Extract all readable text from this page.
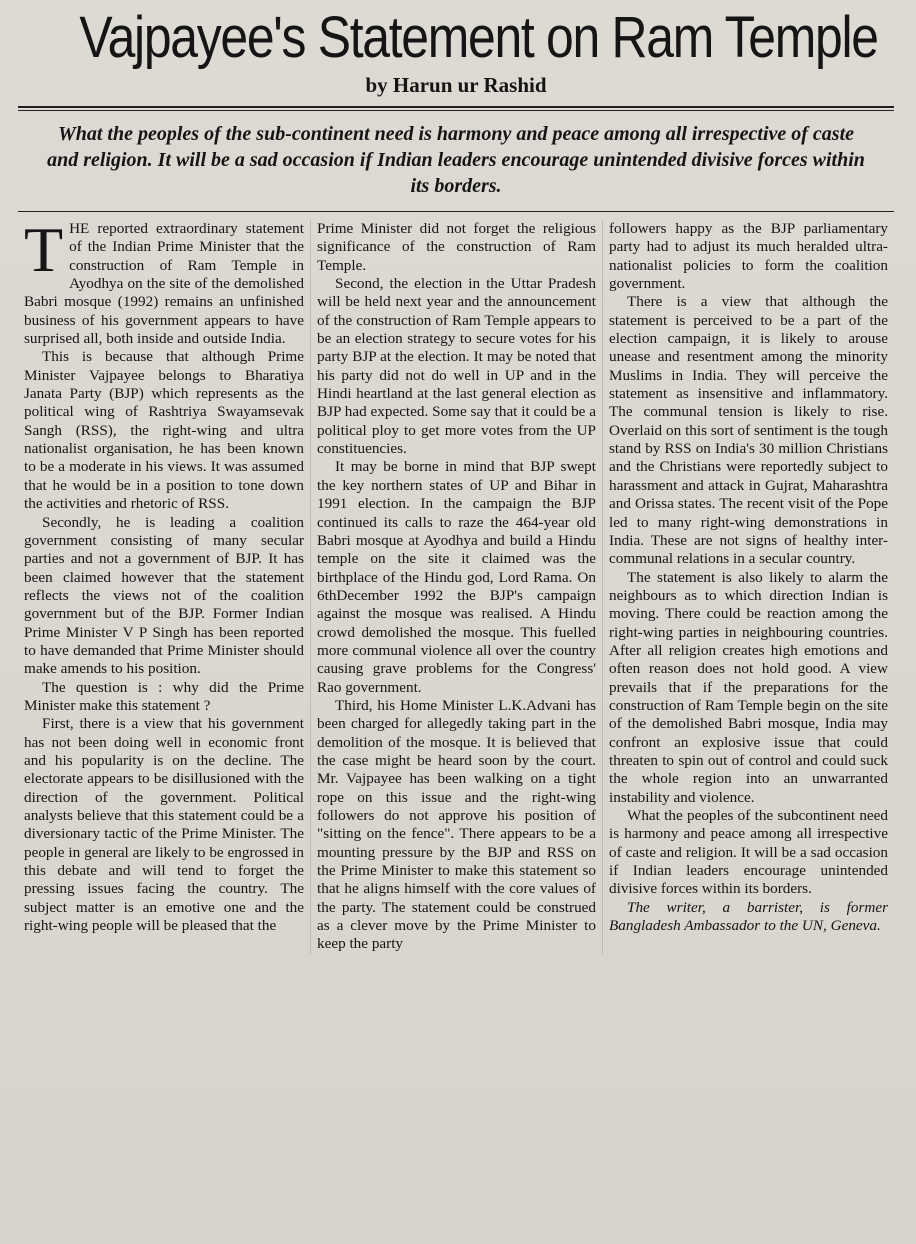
Vajpayee's Statement on Ram Temple
by Harun ur Rashid
What the peoples of the sub-continent need is harmony and peace among all irrespective of caste and religion. It will be a sad occasion if Indian leaders encourage unintended divisive forces within its borders.

THE reported extraordinary statement of the Indian Prime Minister that the construction of Ram Temple in Ayodhya on the site of the demolished Babri mosque (1992) remains an unfinished business of his government appears to have surprised all, both inside and outside India.

This is because that although Prime Minister Vajpayee belongs to Bharatiya Janata Party (BJP) which represents as the political wing of Rashtriya Swayamsevak Sangh (RSS), the right-wing and ultra nationalist organisation, he has been known to be a moderate in his views. It was assumed that he would be in a position to tone down the activities and rhetoric of RSS.

Secondly, he is leading a coalition government consisting of many secular parties and not a government of BJP. It has been claimed however that the statement reflects the views not of the coalition government but of the BJP. Former Indian Prime Minister V P Singh has been reported to have demanded that Prime Minister should make amends to his position.

The question is : why did the Prime Minister make this statement ?

First, there is a view that his government has not been doing well in economic front and his popularity is on the decline. The electorate appears to be disillusioned with the direction of the government. Political analysts believe that this statement could be a diversionary tactic of the Prime Minister. The people in general are likely to be engrossed in this debate and will tend to forget the pressing issues facing the country. The subject matter is an emotive one and the right-wing people will be pleased that the

Prime Minister did not forget the religious significance of the construction of Ram Temple.

Second, the election in the Uttar Pradesh will be held next year and the announcement of the construction of Ram Temple appears to be an election strategy to secure votes for his party BJP at the election. It may be noted that his party did not do well in UP and in the Hindi heartland at the last general election as BJP had expected. Some say that it could be a political ploy to get more votes from the UP constituencies.

It may be borne in mind that BJP swept the key northern states of UP and Bihar in 1991 election. In the campaign the BJP continued its calls to raze the 464-year old Babri mosque at Ayodhya and build a Hindu temple on the site it claimed was the birthplace of the Hindu god, Lord Rama. On 6thDecember 1992 the BJP's campaign against the mosque was realised. A Hindu crowd demolished the mosque. This fuelled more communal violence all over the country causing grave problems for the Congress' Rao government.

Third, his Home Minister L.K.Advani has been charged for allegedly taking part in the demolition of the mosque. It is believed that the case might be heard soon by the court. Mr. Vajpayee has been walking on a tight rope on this issue and the right-wing followers do not approve his position of "sitting on the fence". There appears to be a mounting pressure by the BJP and RSS on the Prime Minister to make this statement so that he aligns himself with the core values of the party. The statement could be construed as a clever move by the Prime Minister to keep the party

followers happy as the BJP parliamentary party had to adjust its much heralded ultra-nationalist policies to form the coalition government.

There is a view that although the statement is perceived to be a part of the election campaign, it is likely to arouse unease and resentment among the minority Muslims in India. They will perceive the statement as insensitive and inflammatory. The communal tension is likely to rise. Overlaid on this sort of sentiment is the tough stand by RSS on India's 30 million Christians and the Christians were reportedly subject to harassment and attack in Gujrat, Maharashtra and Orissa states. The recent visit of the Pope led to many right-wing demonstrations in India. These are not signs of healthy inter-communal relations in a secular country.

The statement is also likely to alarm the neighbours as to which direction Indian is moving. There could be reaction among the right-wing parties in neighbouring countries. After all religion creates high emotions and often reason does not hold good. A view prevails that if the preparations for the construction of Ram Temple begin on the site of the demolished Babri mosque, India may confront an explosive issue that could threaten to spin out of control and could suck the whole region into an unwarranted instability and violence.

What the peoples of the subcontinent need is harmony and peace among all irrespective of caste and religion. It will be a sad occasion if Indian leaders encourage unintended divisive forces within its borders.

The writer, a barrister, is former Bangladesh Ambassador to the UN, Geneva.
